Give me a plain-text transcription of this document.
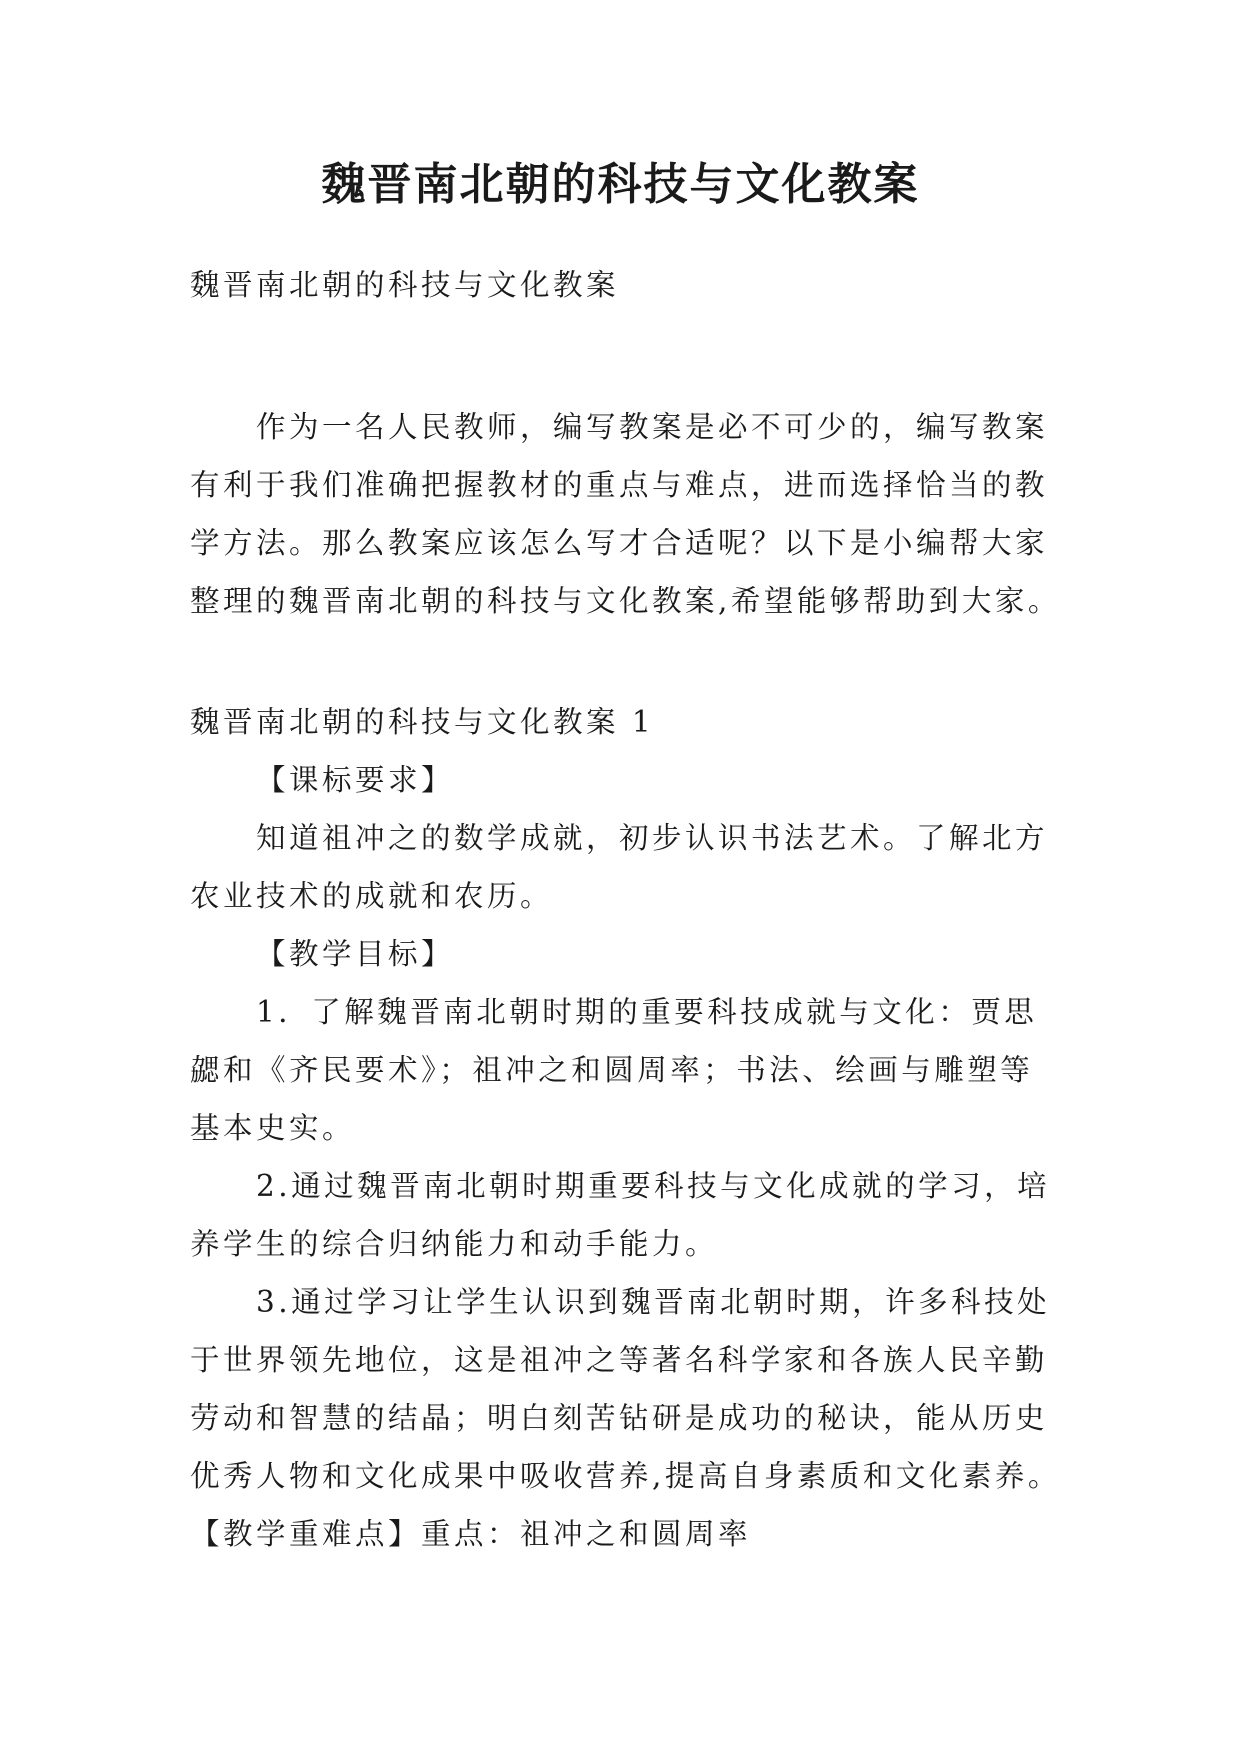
魏晋南北朝的科技与文化教案
魏晋南北朝的科技与文化教案
作为一名人民教师，编写教案是必不可少的，编写教案
有利于我们准确把握教材的重点与难点，进而选择恰当的教
学方法。那么教案应该怎么写才合适呢？以下是小编帮大家
整理的魏晋南北朝的科技与文化教案,希望能够帮助到大家。
魏晋南北朝的科技与文化教案 1
【课标要求】
知道祖冲之的数学成就，初步认识书法艺术。了解北方
农业技术的成就和农历。
【教学目标】
1．了解魏晋南北朝时期的重要科技成就与文化：贾思
勰和《齐民要术》；祖冲之和圆周率；书法、绘画与雕塑等
基本史实。
2.通过魏晋南北朝时期重要科技与文化成就的学习，培
养学生的综合归纳能力和动手能力。
3.通过学习让学生认识到魏晋南北朝时期，许多科技处
于世界领先地位，这是祖冲之等著名科学家和各族人民辛勤
劳动和智慧的结晶；明白刻苦钻研是成功的秘诀，能从历史
优秀人物和文化成果中吸收营养,提高自身素质和文化素养。
【教学重难点】重点：祖冲之和圆周率
